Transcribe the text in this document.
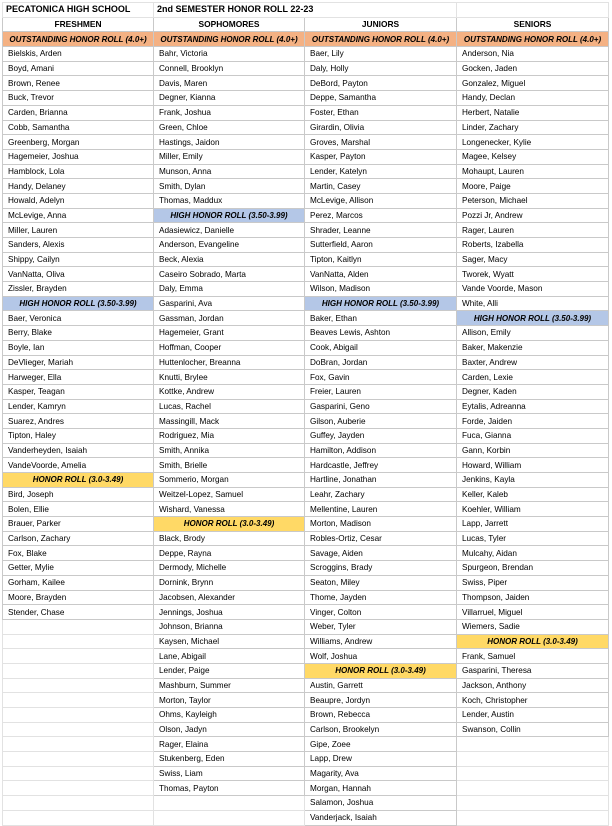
PECATONICA HIGH SCHOOL	2nd SEMESTER HONOR ROLL 22-23		
FRESHMEN	SOPHOMORES	JUNIORS	SENIORS
OUTSTANDING HONOR ROLL (4.0+)	OUTSTANDING HONOR ROLL (4.0+)	OUTSTANDING HONOR ROLL (4.0+)	OUTSTANDING HONOR ROLL (4.0+)
Bielskis, Arden	Bahr, Victoria	Baer, Lily	Anderson, Nia
Boyd, Amani	Connell, Brooklyn	Daly, Holly	Gocken, Jaden
Brown, Renee	Davis, Maren	DeBord, Payton	Gonzalez, Miguel
Buck, Trevor	Degner, Kianna	Deppe, Samantha	Handy, Declan
Carden, Brianna	Frank, Joshua	Foster, Ethan	Herbert, Natalie
Cobb, Samantha	Green, Chloe	Girardin, Olivia	Linder, Zachary
Greenberg, Morgan	Hastings, Jaidon	Groves, Marshal	Longenecker, Kylie
Hagemeier, Joshua	Miller, Emily	Kasper, Payton	Magee, Kelsey
Hamblock, Lola	Munson, Anna	Lender, Katelyn	Mohaupt, Lauren
Handy, Delaney	Smith, Dylan	Martin, Casey	Moore, Paige
Howald, Adelyn	Thomas, Maddux	McLevige, Allison	Peterson, Michael
McLevige, Anna	HIGH HONOR ROLL (3.50-3.99)	Perez, Marcos	Pozzi Jr, Andrew
Miller, Lauren	Adasiewicz, Danielle	Shrader, Leanne	Rager, Lauren
Sanders, Alexis	Anderson, Evangeline	Sutterfield, Aaron	Roberts, Izabella
Shippy, Cailyn	Beck, Alexia	Tipton, Kaitlyn	Sager, Macy
VanNatta, Oliva	Caseiro Sobrado, Marta	VanNatta, Alden	Tworek, Wyatt
Zissler, Brayden	Daly, Emma	Wilson, Madison	Vande Voorde, Mason
HIGH HONOR ROLL (3.50-3.99)	Gasparini, Ava	HIGH HONOR ROLL (3.50-3.99)	White, Alli
Baer, Veronica	Gassman, Jordan	Baker, Ethan	HIGH HONOR ROLL (3.50-3.99)
Berry, Blake	Hagemeier, Grant	Beaves Lewis, Ashton	Allison, Emily
Boyle, Ian	Hoffman, Cooper	Cook, Abigail	Baker, Makenzie
DeVlieger, Mariah	Huttenlocher, Breanna	DoBran, Jordan	Baxter, Andrew
Harweger, Ella	Knutti, Brylee	Fox, Gavin	Carden, Lexie
Kasper, Teagan	Kottke, Andrew	Freier, Lauren	Degner, Kaden
Lender, Kamryn	Lucas, Rachel	Gasparini, Geno	Eytalis, Adreanna
Suarez, Andres	Massingill, Mack	Gilson, Auberie	Forde, Jaiden
Tipton, Haley	Rodriguez, Mia	Guffey, Jayden	Fuca, Gianna
Vanderheyden, Isaiah	Smith, Annika	Hamilton, Addison	Gann, Korbin
VandeVoorde, Amelia	Smith, Brielle	Hardcastle, Jeffrey	Howard, William
HONOR ROLL (3.0-3.49)	Sommerio, Morgan	Hartline, Jonathan	Jenkins, Kayla
Bird, Joseph	Weitzel-Lopez, Samuel	Leahr, Zachary	Keller, Kaleb
Bolen, Ellie	Wishard, Vanessa	Mellentine, Lauren	Koehler, William
Brauer, Parker	HONOR ROLL (3.0-3.49)	Morton, Madison	Lapp, Jarrett
Carlson, Zachary	Black, Brody	Robles-Ortiz, Cesar	Lucas, Tyler
Fox, Blake	Deppe, Rayna	Savage, Aiden	Mulcahy, Aidan
Getter, Mylie	Dermody, Michelle	Scroggins, Brady	Spurgeon, Brendan
Gorham, Kailee	Dornink, Brynn	Seaton, Miley	Swiss, Piper
Moore, Brayden	Jacobsen, Alexander	Thome, Jayden	Thompson, Jaiden
Stender, Chase	Jennings, Joshua	Vinger, Colton	Villarruel, Miguel
	Johnson, Brianna	Weber, Tyler	Wiemers, Sadie
	Kaysen, Michael	Williams, Andrew	HONOR ROLL (3.0-3.49)
	Lane, Abigail	Wolf, Joshua	Frank, Samuel
	Lender, Paige	HONOR ROLL (3.0-3.49)	Gasparini, Theresa
	Mashburn, Summer	Austin, Garrett	Jackson, Anthony
	Morton, Taylor	Beaupre, Jordyn	Koch, Christopher
	Ohms, Kayleigh	Brown, Rebecca	Lender, Austin
	Olson, Jadyn	Carlson, Brookelyn	Swanson, Collin
	Rager, Elaina	Gipe, Zoee	
	Stukenberg, Eden	Lapp, Drew	
	Swiss, Liam	Magarity, Ava	
	Thomas, Payton	Morgan, Hannah	
		Salamon, Joshua	
		Vanderjack, Isaiah	
